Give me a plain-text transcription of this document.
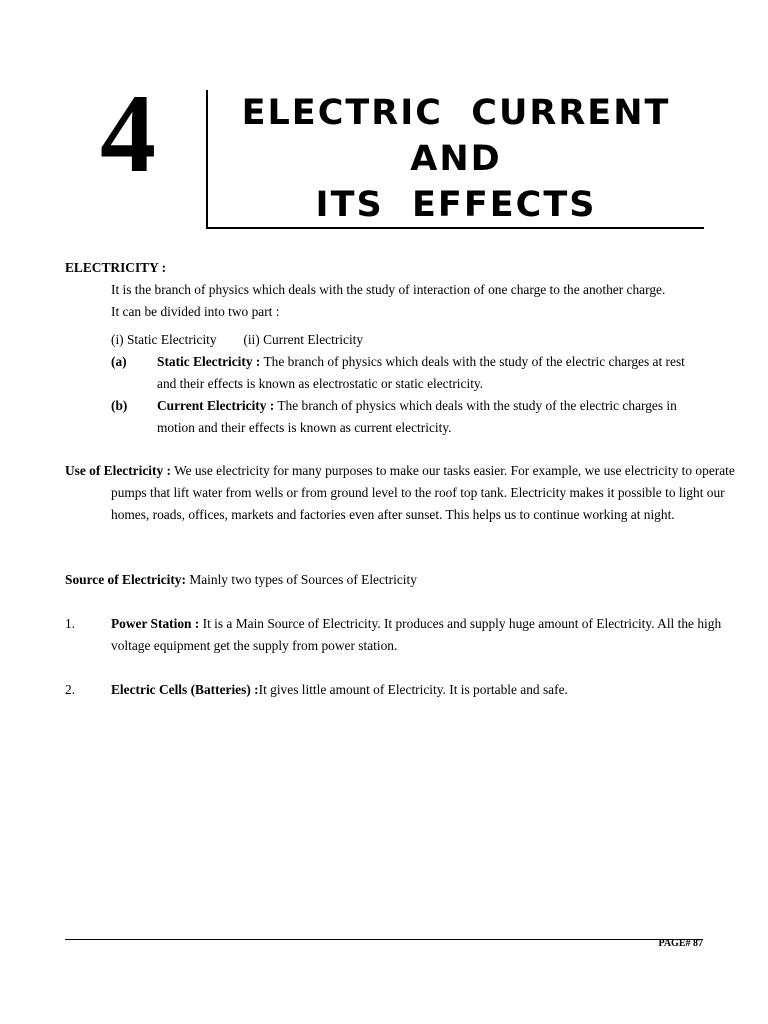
4	ELECTRIC  CURRENT
AND
ITS  EFFECTS
ELECTRICITY :
It is the branch of physics which deals with the study of interaction of one charge to the another charge.
It can be divided into two part :
(i) Static Electricity        (ii) Current Electricity
(a) Static Electricity : The branch of physics which deals with the study of the electric charges at rest and their effects is known as electrostatic or static electricity.
(b) Current Electricity : The branch of physics which deals with the study of the electric charges in motion and their effects is known as current electricity.
Use of Electricity : We use electricity for many purposes to make our tasks easier. For example, we use electricity to operate pumps that lift water from wells or from ground level to the roof top tank. Electricity makes it possible to light our homes, roads, offices, markets and factories even after sunset. This helps us to continue working at night.
Source of Electricity: Mainly two types of Sources of Electricity
1.	Power Station : It is a Main Source of Electricity. It produces and supply huge amount of Electricity. All the high voltage equipment get the supply from power station.
2.	Electric Cells (Batteries) :It gives little amount of Electricity. It is portable and safe.
PAGE# 87
